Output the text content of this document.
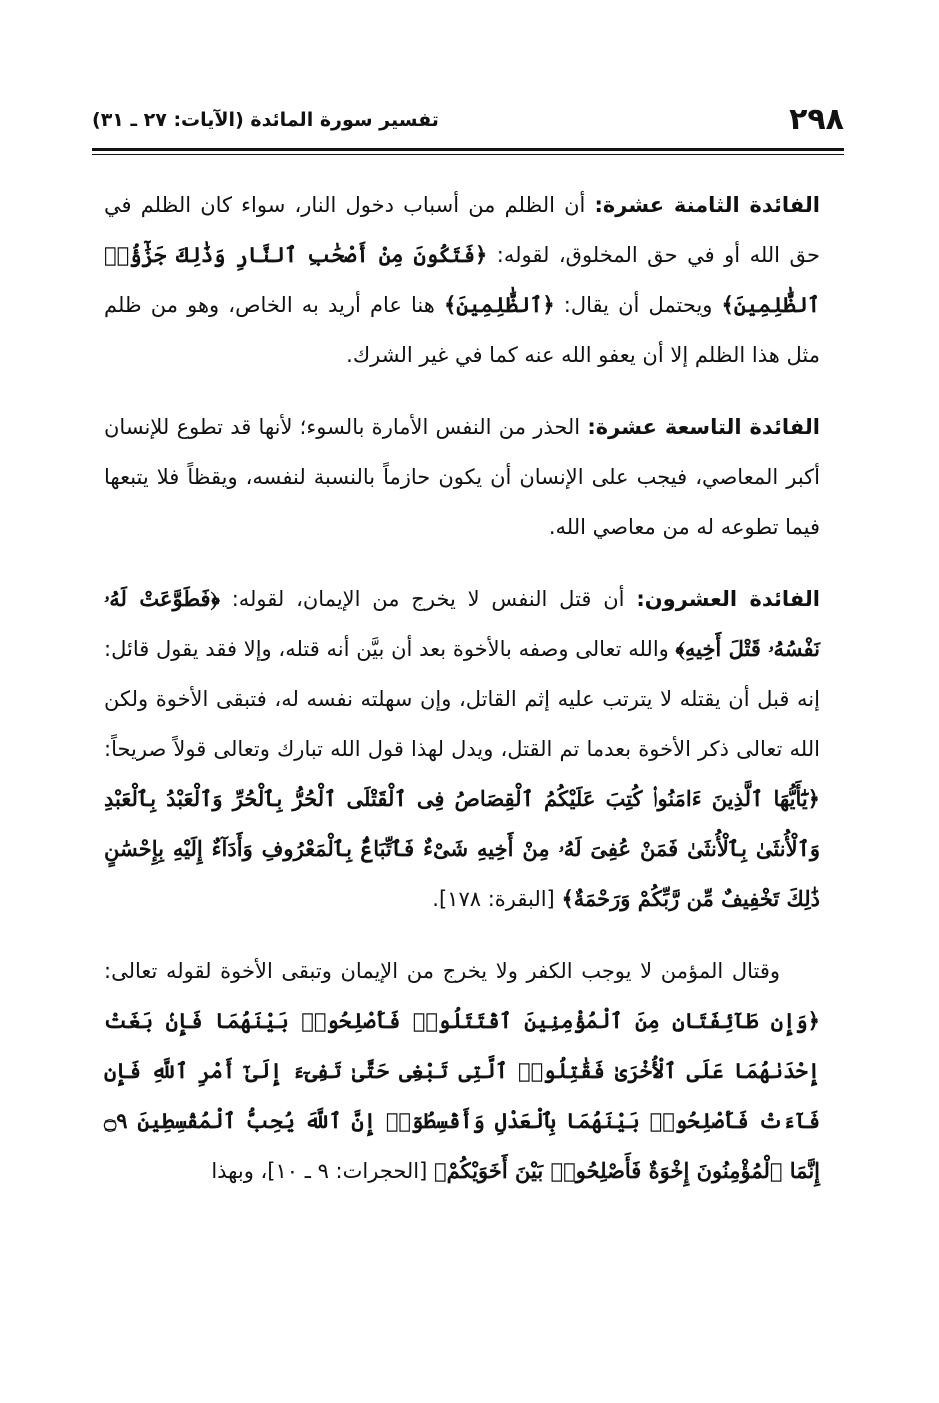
٢٩٨
تفسير سورة المائدة (الآيات: ٢٧ ـ ٣١)

الفائدة الثامنة عشرة: أن الظلم من أسباب دخول النار، سواء كان الظلم في حق الله أو في حق المخلوق، لقوله: ﴿فَتَكُونَ مِنْ أَصْحَٰبِ ٱلنَّارِ وَذَٰلِكَ جَزَٰٓؤُا۟ ٱلظَّٰلِمِينَ﴾ ويحتمل أن يقال: ﴿ٱلظَّٰلِمِينَ﴾ هنا عام أريد به الخاص، وهو من ظلم مثل هذا الظلم إلا أن يعفو الله عنه كما في غير الشرك.

الفائدة التاسعة عشرة: الحذر من النفس الأمارة بالسوء؛ لأنها قد تطوع للإنسان أكبر المعاصي، فيجب على الإنسان أن يكون حازماً بالنسبة لنفسه، ويقظاً فلا يتبعها فيما تطوعه له من معاصي الله.

الفائدة العشرون: أن قتل النفس لا يخرج من الإيمان، لقوله: ﴿فَطَوَّعَتْ لَهُۥ نَفْسُهُۥ قَتْلَ أَخِيهِ﴾ والله تعالى وصفه بالأخوة بعد أن بيَّن أنه قتله، وإلا فقد يقول قائل: إنه قبل أن يقتله لا يترتب عليه إثم القاتل، وإن سهلته نفسه له، فتبقى الأخوة ولكن الله تعالى ذكر الأخوة بعدما تم القتل، ويدل لهذا قول الله تبارك وتعالى قولاً صريحاً: ﴿يَٰٓأَيُّهَا ٱلَّذِينَ ءَامَنُوا۟ كُتِبَ عَلَيْكُمُ ٱلْقِصَاصُ فِى ٱلْقَتْلَى ٱلْحُرُّ بِٱلْحُرِّ وَٱلْعَبْدُ بِٱلْعَبْدِ وَٱلْأُنثَىٰ بِٱلْأُنثَىٰ فَمَنْ عُفِىَ لَهُۥ مِنْ أَخِيهِ شَىْءٌ فَٱتِّبَاعٌۢ بِٱلْمَعْرُوفِ وَأَدَآءٌ إِلَيْهِ بِإِحْسَٰنٍ ذَٰلِكَ تَخْفِيفٌ مِّن رَّبِّكُمْ وَرَحْمَةٌ﴾ [البقرة: ١٧٨].

وقتال المؤمن لا يوجب الكفر ولا يخرج من الإيمان وتبقى الأخوة لقوله تعالى: ﴿وَإِن طَآئِفَتَانِ مِنَ ٱلْمُؤْمِنِينَ ٱقْتَتَلُوا۟ فَأَصْلِحُوا۟ بَيْنَهُمَا فَإِنۢ بَغَتْ إِحْدَىٰهُمَا عَلَى ٱلْأُخْرَىٰ فَقَٰتِلُوا۟ ٱلَّتِى تَبْغِى حَتَّىٰ تَفِىٓءَ إِلَىٰٓ أَمْرِ ٱللَّهِ فَإِن فَآءَتْ فَأَصْلِحُوا۟ بَيْنَهُمَا بِٱلْعَدْلِ وَأَقْسِطُوٓا۟ إِنَّ ٱللَّهَ يُحِبُّ ٱلْمُقْسِطِينَ ۝٩ إِنَّمَا ٱلْمُؤْمِنُونَ إِخْوَةٌ فَأَصْلِحُوا۟ بَيْنَ أَخَوَيْكُمْ﴾ [الحجرات: ٩ ـ ١٠]، وبهذا
